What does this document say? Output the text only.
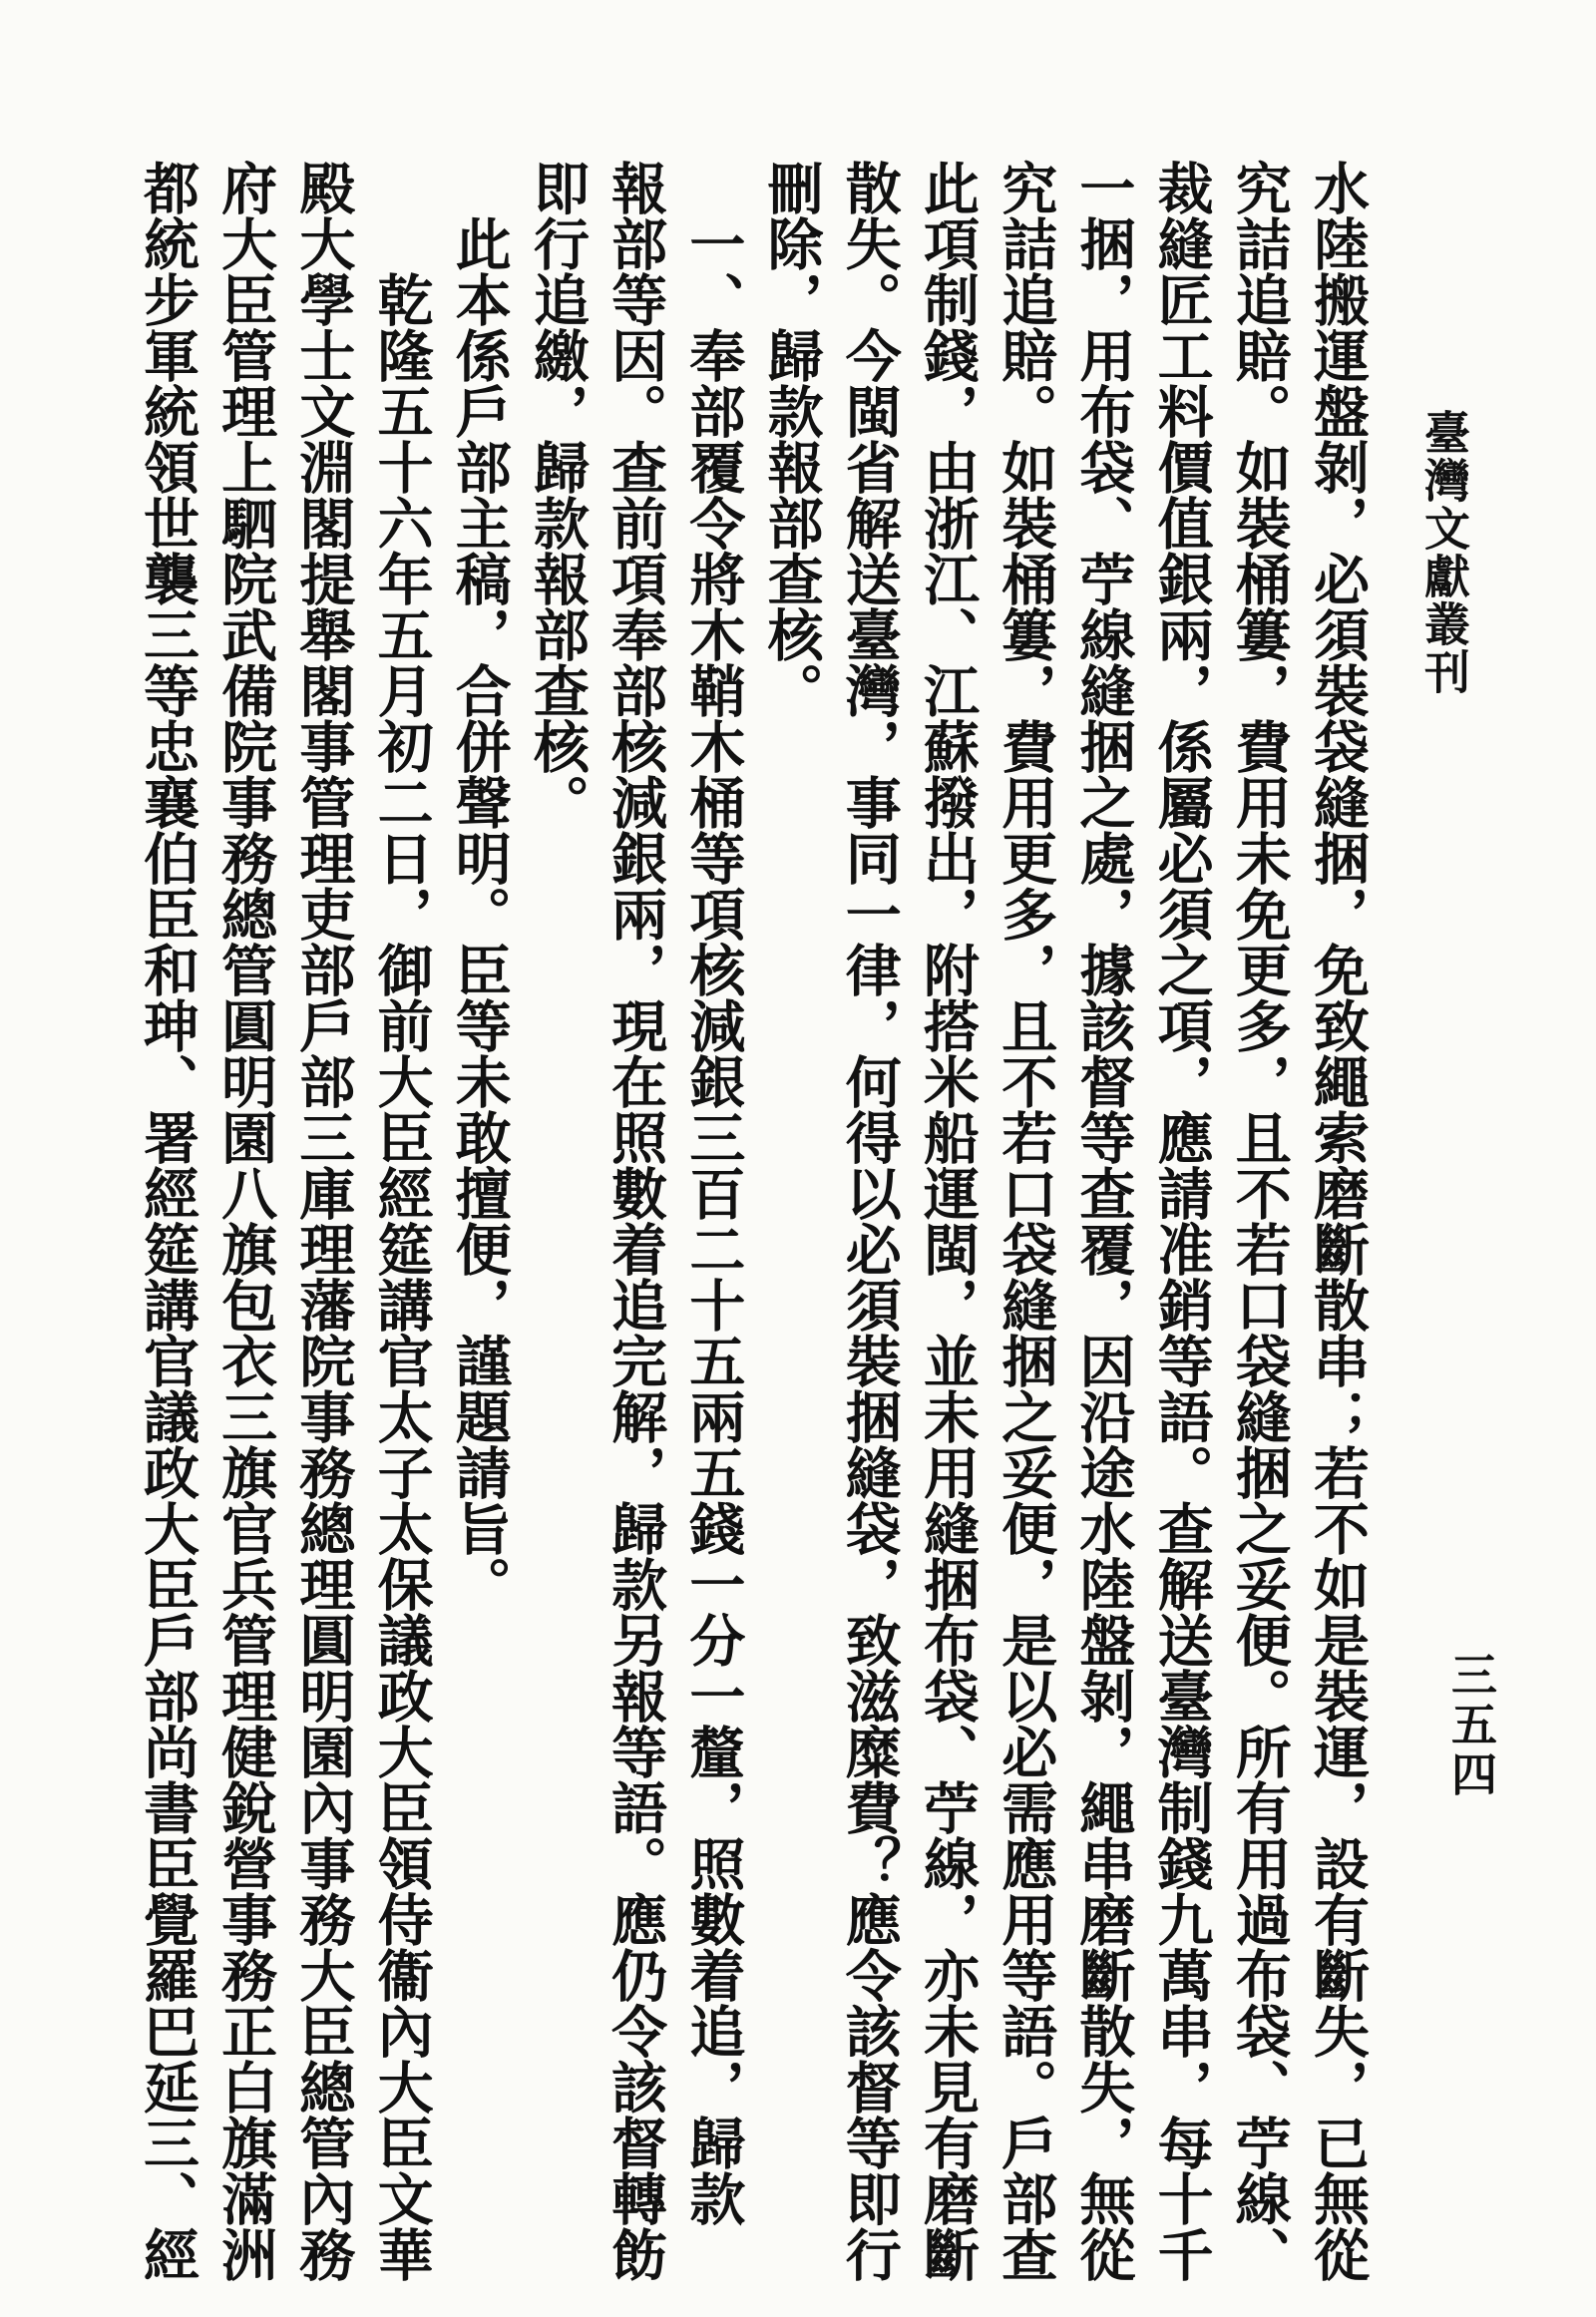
臺灣文獻叢刊
三五四
水陸搬運盤剝，必須裝袋縫捆，免致繩索磨斷散串；若不如是裝運，設有斷失，已無從
究詰追賠。如裝桶簍，費用未免更多，且不若口袋縫捆之妥便。所有用過布袋、苧線、
裁縫匠工料價值銀兩，係屬必須之項，應請准銷等語。查解送臺灣制錢九萬串，每十千
一捆，用布袋、苧線縫捆之處，據該督等查覆，因沿途水陸盤剝，繩串磨斷散失，無從
究詰追賠。如裝桶簍，費用更多，且不若口袋縫捆之妥便，是以必需應用等語。戶部查
此項制錢，由浙江、江蘇撥出，附搭米船運閩，並未用縫捆布袋、苧線，亦未見有磨斷
散失。今閩省解送臺灣，事同一律，何得以必須裝捆縫袋，致滋糜費？應令該督等即行
刪除，歸款報部查核。
　一、奉部覆令將木鞘木桶等項核減銀三百二十五兩五錢一分一釐，照數着追，歸款
報部等因。查前項奉部核減銀兩，現在照數着追完解，歸款另報等語。應仍令該督轉飭
即行追繳，歸款報部查核。
　此本係戶部主稿，合併聲明。臣等未敢擅便，謹題請旨。
　　乾隆五十六年五月初二日，御前大臣經筵講官太子太保議政大臣領侍衞內大臣文華
殿大學士文淵閣提舉閣事管理吏部戶部三庫理藩院事務總理圓明園內事務大臣總管內務
府大臣管理上駟院武備院事務總管圓明園八旗包衣三旗官兵管理健銳營事務正白旗滿洲
都統步軍統領世襲三等忠襄伯臣和珅、署經筵講官議政大臣戶部尚書臣覺羅巴延三、經
